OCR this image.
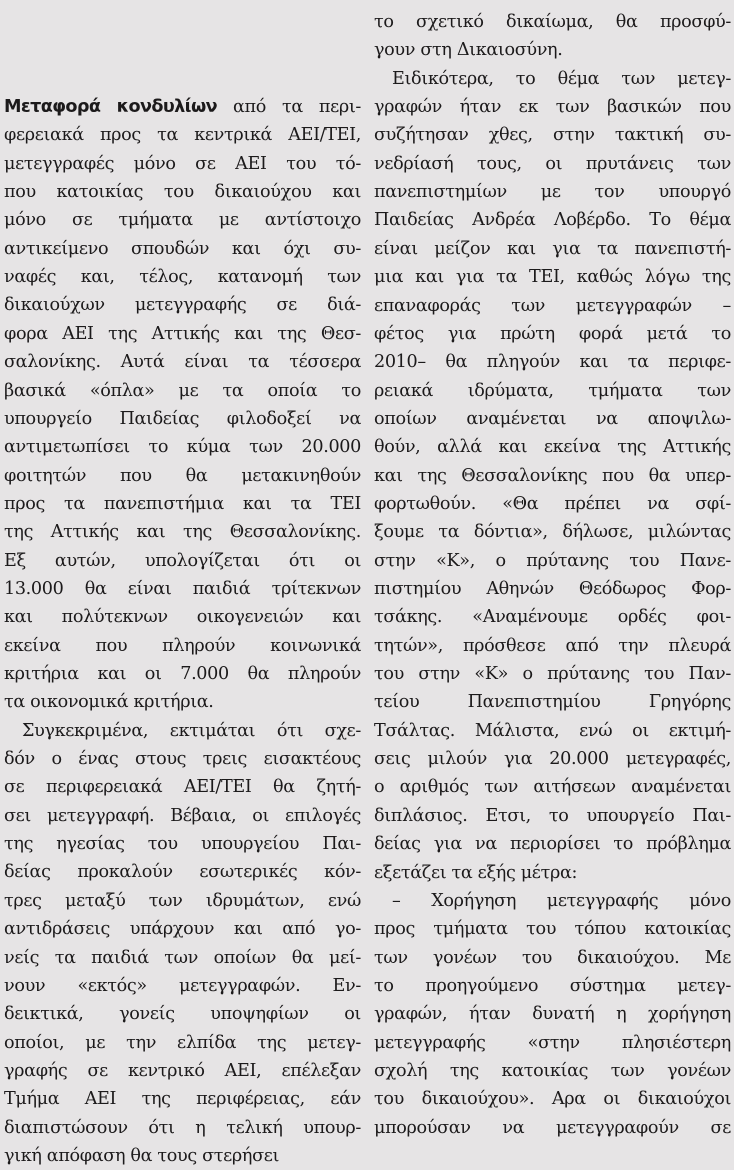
Μεταφορά κονδυλίων από τα περι-
φερειακά προς τα κεντρικά ΑΕΙ/ΤΕΙ,
μετεγγραφές μόνο σε ΑΕΙ του τό-
που κατοικίας του δικαιούχου και
μόνο σε τμήματα με αντίστοιχο
αντικείμενο σπουδών και όχι συ-
ναφές και, τέλος, κατανομή των
δικαιούχων μετεγγραφής σε διά-
φορα ΑΕΙ της Αττικής και της Θεσ-
σαλονίκης. Αυτά είναι τα τέσσερα
βασικά «όπλα» με τα οποία το
υπουργείο Παιδείας φιλοδοξεί να
αντιμετωπίσει το κύμα των 20.000
φοιτητών που θα μετακινηθούν
προς τα πανεπιστήμια και τα ΤΕΙ
της Αττικής και της Θεσσαλονίκης.
Εξ αυτών, υπολογίζεται ότι οι
13.000 θα είναι παιδιά τρίτεκνων
και πολύτεκνων οικογενειών και
εκείνα που πληρούν κοινωνικά
κριτήρια και οι 7.000 θα πληρούν
τα οικονομικά κριτήρια.
Συγκεκριμένα, εκτιμάται ότι σχε-
δόν ο ένας στους τρεις εισακτέους
σε περιφερειακά ΑΕΙ/ΤΕΙ θα ζητή-
σει μετεγγραφή. Βέβαια, οι επιλογές
της ηγεσίας του υπουργείου Παι-
δείας προκαλούν εσωτερικές κόν-
τρες μεταξύ των ιδρυμάτων, ενώ
αντιδράσεις υπάρχουν και από γο-
νείς τα παιδιά των οποίων θα μεί-
νουν «εκτός» μετεγγραφών. Εν-
δεικτικά, γονείς υποψηφίων οι
οποίοι, με την ελπίδα της μετεγ-
γραφής σε κεντρικό ΑΕΙ, επέλεξαν
Τμήμα ΑΕΙ της περιφέρειας, εάν
διαπιστώσουν ότι η τελική υπουρ-
γική απόφαση θα τους στερήσει
το σχετικό δικαίωμα, θα προσφύ-
γουν στη Δικαιοσύνη.
Ειδικότερα, το θέμα των μετεγ-
γραφών ήταν εκ των βασικών που
συζήτησαν χθες, στην τακτική συ-
νεδρίασή τους, οι πρυτάνεις των
πανεπιστημίων με τον υπουργό
Παιδείας Ανδρέα Λοβέρδο. Το θέμα
είναι μείζον και για τα πανεπιστή-
μια και για τα ΤΕΙ, καθώς λόγω της
επαναφοράς των μετεγγραφών –
φέτος για πρώτη φορά μετά το
2010– θα πληγούν και τα περιφε-
ρειακά ιδρύματα, τμήματα των
οποίων αναμένεται να αποψιλω-
θούν, αλλά και εκείνα της Αττικής
και της Θεσσαλονίκης που θα υπερ-
φορτωθούν. «Θα πρέπει να σφί-
ξουμε τα δόντια», δήλωσε, μιλώντας
στην «Κ», ο πρύτανης του Πανε-
πιστημίου Αθηνών Θεόδωρος Φορ-
τσάκης. «Αναμένουμε ορδές φοι-
τητών», πρόσθεσε από την πλευρά
του στην «Κ» ο πρύτανης του Παν-
τείου Πανεπιστημίου Γρηγόρης
Τσάλτας. Μάλιστα, ενώ οι εκτιμή-
σεις μιλούν για 20.000 μετεγραφές,
ο αριθμός των αιτήσεων αναμένεται
διπλάσιος. Ετσι, το υπουργείο Παι-
δείας για να περιορίσει το πρόβλημα
εξετάζει τα εξής μέτρα:
– Χορήγηση μετεγγραφής μόνο
προς τμήματα του τόπου κατοικίας
των γονέων του δικαιούχου. Με
το προηγούμενο σύστημα μετεγ-
γραφών, ήταν δυνατή η χορήγηση
μετεγγραφής «στην πλησιέστερη
σχολή της κατοικίας των γονέων
του δικαιούχου». Αρα οι δικαιούχοι
μπορούσαν να μετεγγραφούν σε
